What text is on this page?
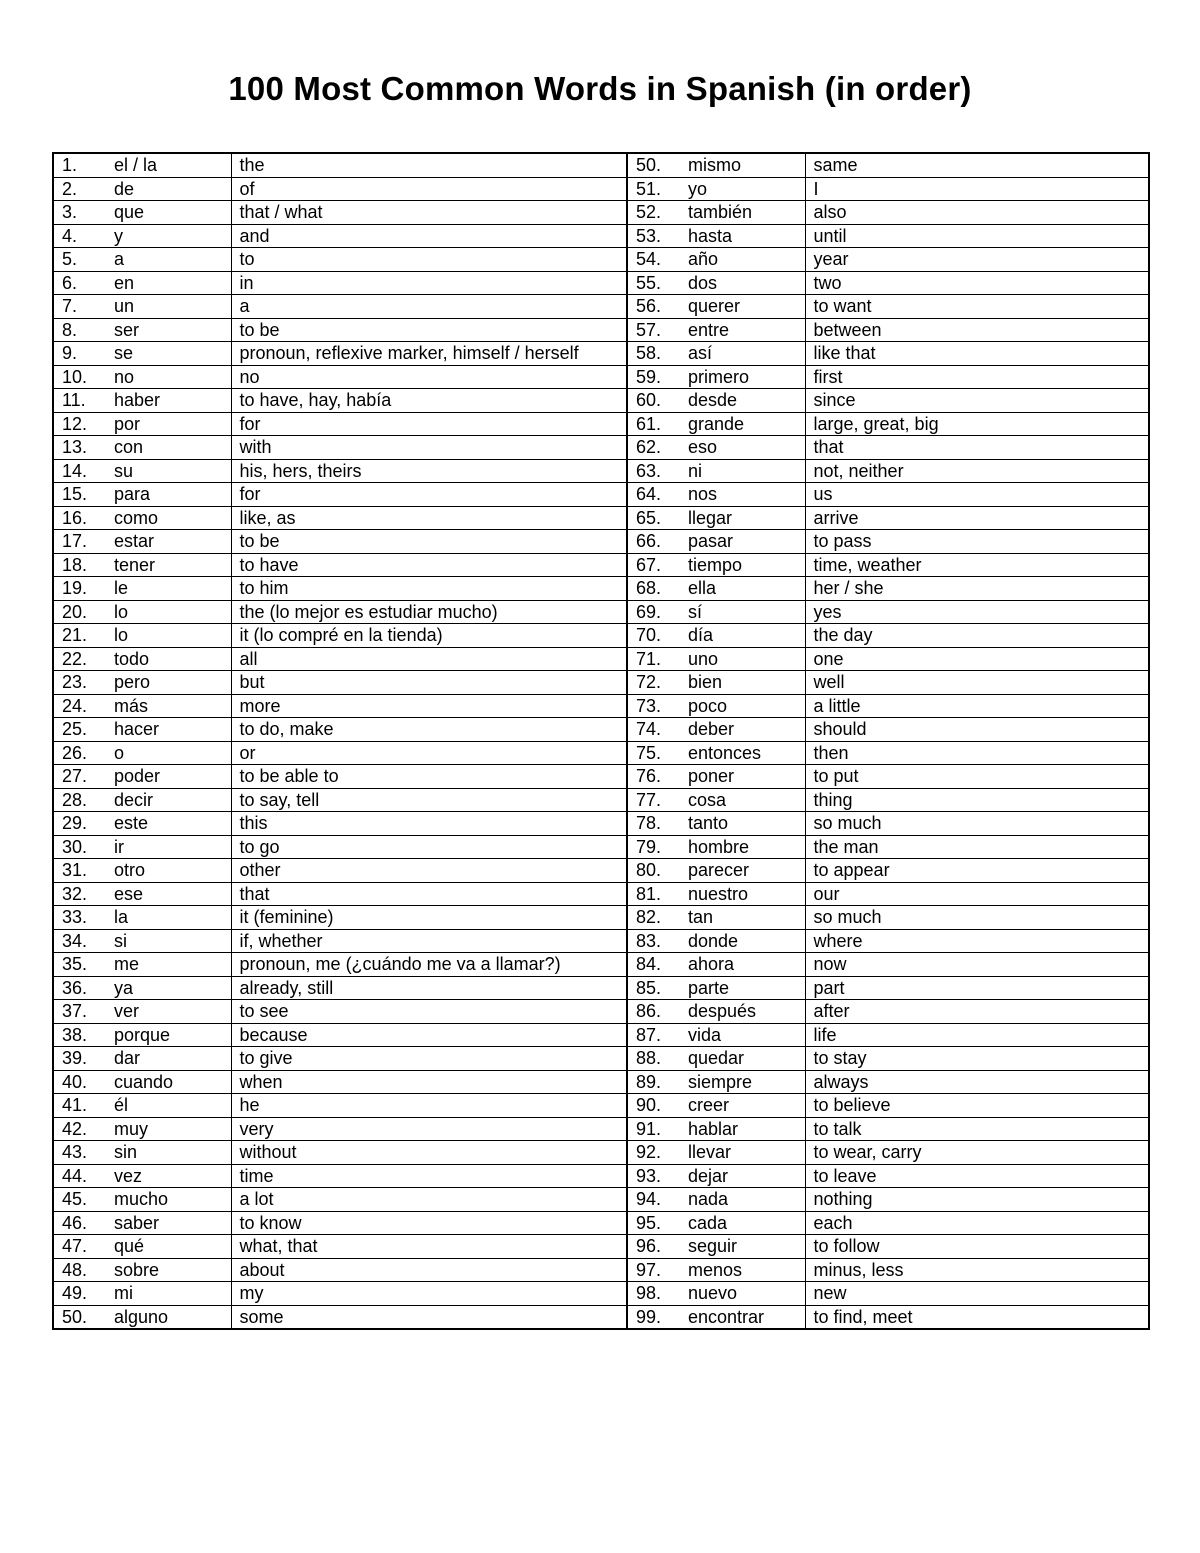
100 Most Common Words in Spanish (in order)
1. el / la	the	50. mismo	same
2. de	of	51. yo	I
3. que	that / what	52. también	also
4. y	and	53. hasta	until
5. a	to	54. año	year
6. en	in	55. dos	two
7. un	a	56. querer	to want
8. ser	to be	57. entre	between
9. se	pronoun, reflexive marker, himself / herself	58. así	like that
10. no	no	59. primero	first
11. haber	to have, hay, había	60. desde	since
12. por	for	61. grande	large, great, big
13. con	with	62. eso	that
14. su	his, hers, theirs	63. ni	not, neither
15. para	for	64. nos	us
16. como	like, as	65. llegar	arrive
17. estar	to be	66. pasar	to pass
18. tener	to have	67. tiempo	time, weather
19. le	to him	68. ella	her / she
20. lo	the (lo mejor es estudiar mucho)	69. sí	yes
21. lo	it (lo compré en la tienda)	70. día	the day
22. todo	all	71. uno	one
23. pero	but	72. bien	well
24. más	more	73. poco	a little
25. hacer	to do, make	74. deber	should
26. o	or	75. entonces	then
27. poder	to be able to	76. poner	to put
28. decir	to say, tell	77. cosa	thing
29. este	this	78. tanto	so much
30. ir	to go	79. hombre	the man
31. otro	other	80. parecer	to appear
32. ese	that	81. nuestro	our
33. la	it (feminine)	82. tan	so much
34. si	if, whether	83. donde	where
35. me	pronoun, me (¿cuándo me va a llamar?)	84. ahora	now
36. ya	already, still	85. parte	part
37. ver	to see	86. después	after
38. porque	because	87. vida	life
39. dar	to give	88. quedar	to stay
40. cuando	when	89. siempre	always
41. él	he	90. creer	to believe
42. muy	very	91. hablar	to talk
43. sin	without	92. llevar	to wear, carry
44. vez	time	93. dejar	to leave
45. mucho	a lot	94. nada	nothing
46. saber	to know	95. cada	each
47. qué	what, that	96. seguir	to follow
48. sobre	about	97. menos	minus, less
49. mi	my	98. nuevo	new
50. alguno	some	99. encontrar	to find, meet
